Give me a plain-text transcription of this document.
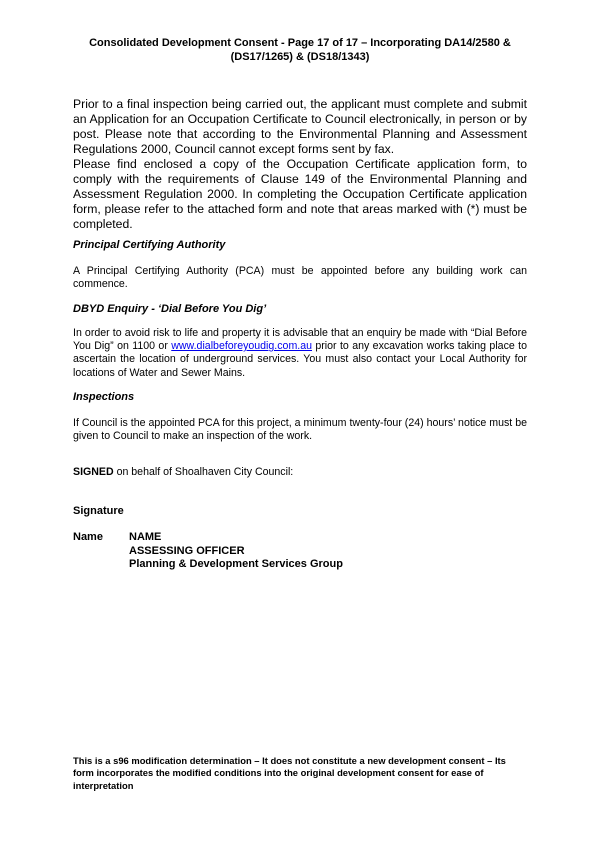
Consolidated Development Consent - Page 17 of 17 – Incorporating DA14/2580 &
(DS17/1265) & (DS18/1343)

Prior to a final inspection being carried out, the applicant must complete and submit an Application for an Occupation Certificate to Council electronically, in person or by post. Please note that according to the Environmental Planning and Assessment Regulations 2000, Council cannot except forms sent by fax.

Please find enclosed a copy of the Occupation Certificate application form, to comply with the requirements of Clause 149 of the Environmental Planning and Assessment Regulation 2000. In completing the Occupation Certificate application form, please refer to the attached form and note that areas marked with (*) must be completed.

Principal Certifying Authority

A Principal Certifying Authority (PCA) must be appointed before any building work can commence.

DBYD Enquiry - ‘Dial Before You Dig’

In order to avoid risk to life and property it is advisable that an enquiry be made with “Dial Before You Dig” on 1100 or www.dialbeforeyoudig.com.au prior to any excavation works taking place to ascertain the location of underground services. You must also contact your Local Authority for locations of Water and Sewer Mains.

Inspections

If Council is the appointed PCA for this project, a minimum twenty-four (24) hours’ notice must be given to Council to make an inspection of the work.

SIGNED on behalf of Shoalhaven City Council:

Signature
Name NAME
ASSESSING OFFICER
Planning & Development Services Group
This is a s96 modification determination – It does not constitute a new development consent – Its form incorporates the modified conditions into the original development consent for ease of interpretation
